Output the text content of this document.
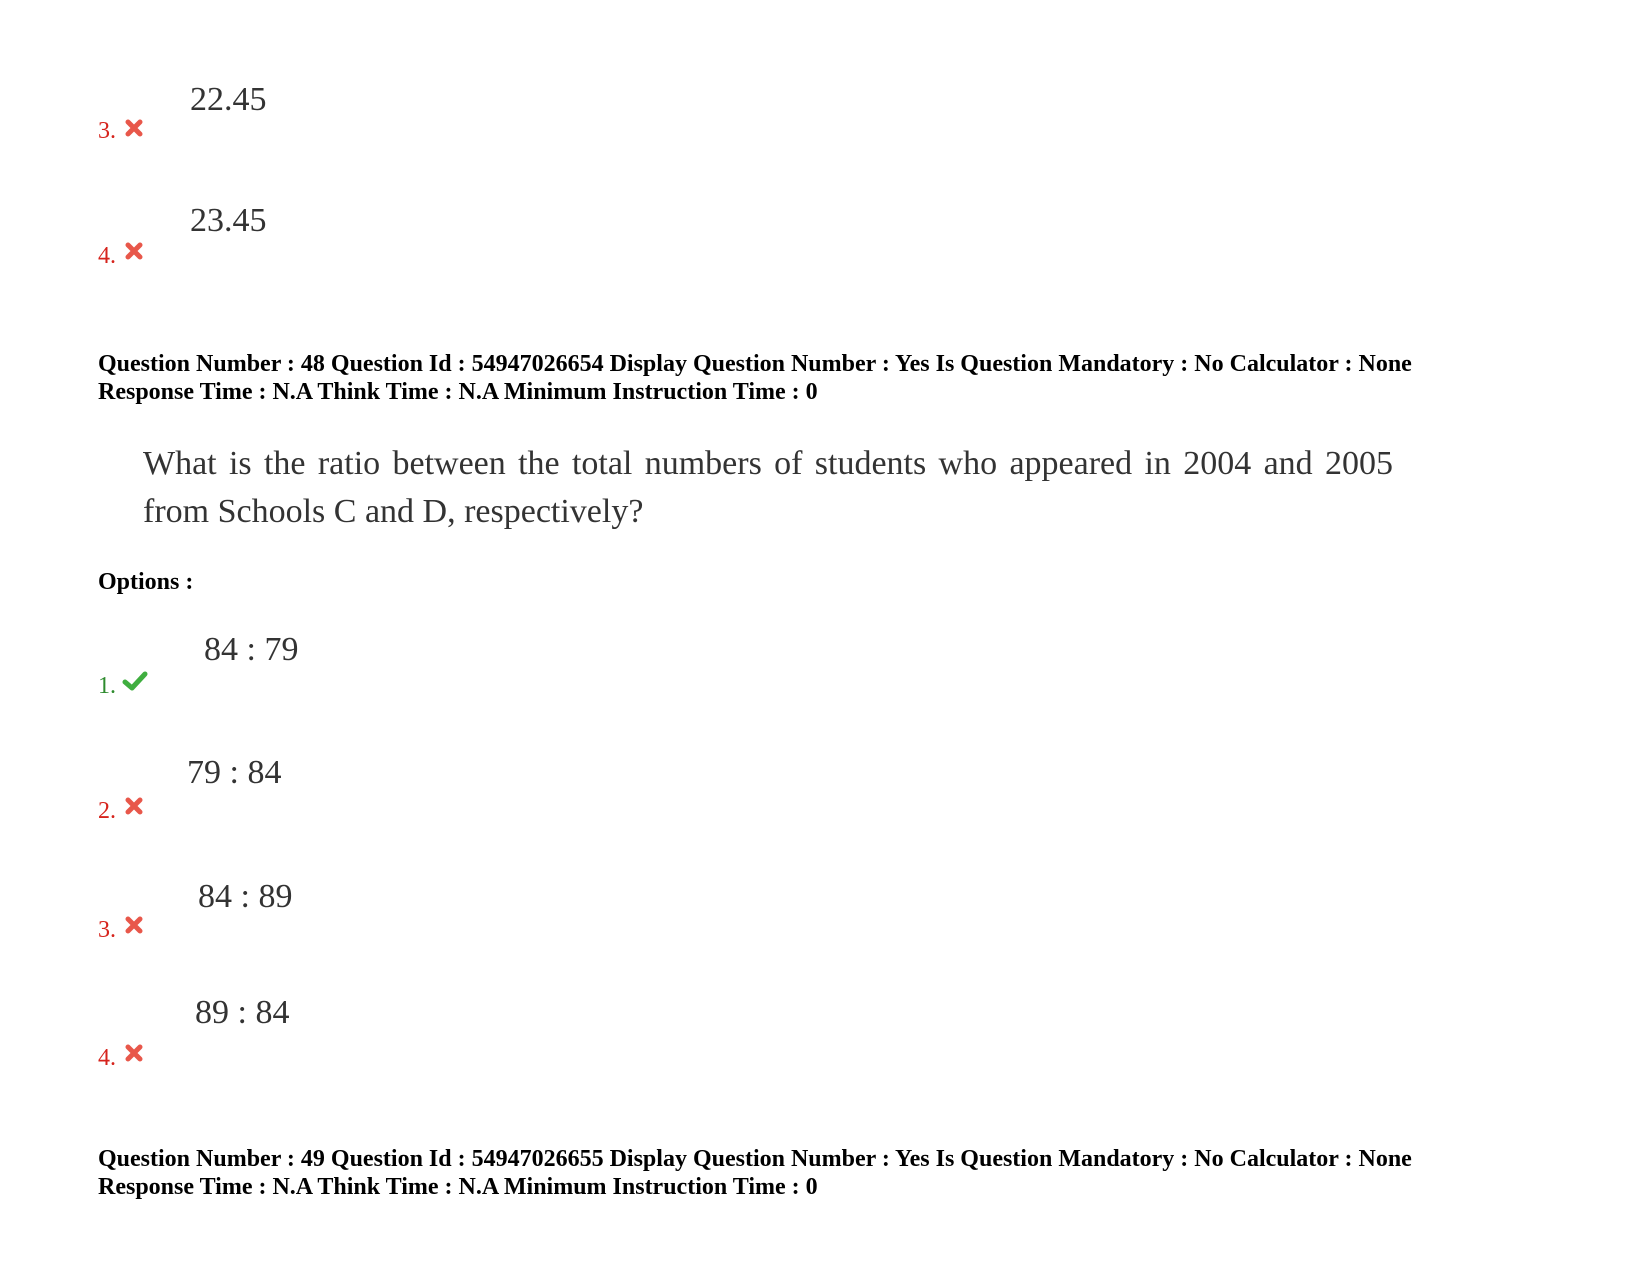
22.45
3.
23.45
4.
Question Number : 48 Question Id : 54947026654 Display Question Number : Yes Is Question Mandatory : No Calculator : None
Response Time : N.A Think Time : N.A Minimum Instruction Time : 0
What is the ratio between the total numbers of students who appeared in 2004 and 2005 from Schools C and D, respectively?
Options :
84 : 79
1.
79 : 84
2.
84 : 89
3.
89 : 84
4.
Question Number : 49 Question Id : 54947026655 Display Question Number : Yes Is Question Mandatory : No Calculator : None
Response Time : N.A Think Time : N.A Minimum Instruction Time : 0
